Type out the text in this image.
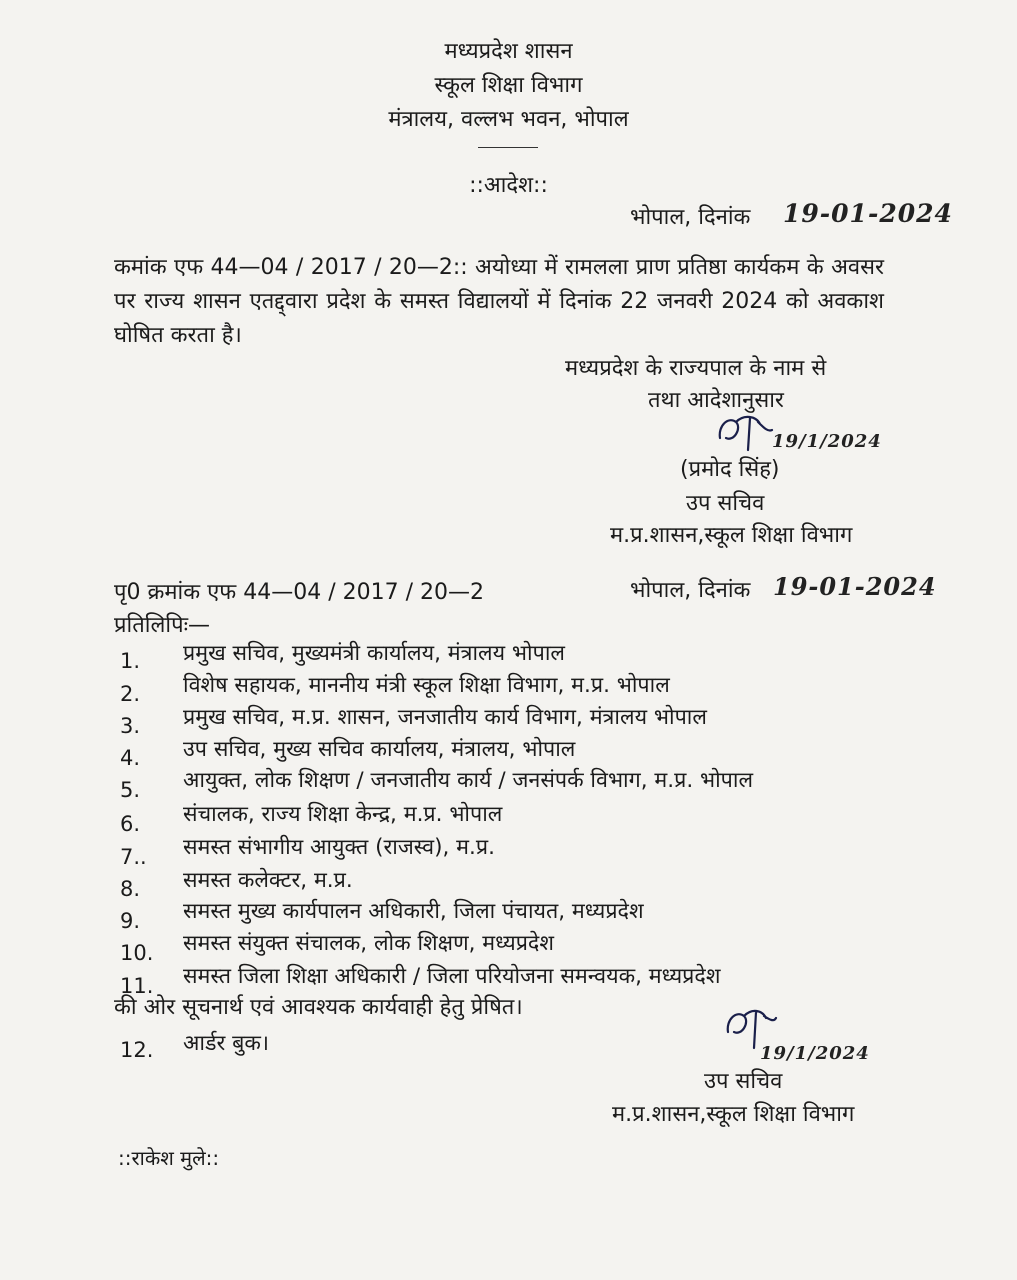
मध्यप्रदेश शासन
स्कूल शिक्षा विभाग
मंत्रालय, वल्लभ भवन, भोपाल
::आदेश::
भोपाल, दिनांक 19-01-2024
कमांक एफ 44—04 / 2017 / 20—2:: अयोध्या में रामलला प्राण प्रतिष्ठा कार्यकम के अवसर पर राज्य शासन एतद्द्वारा प्रदेश के समस्त विद्यालयों में दिनांक 22 जनवरी 2024 को अवकाश घोषित करता है।
मध्यप्रदेश के राज्यपाल के नाम से
तथा आदेशानुसार
19/1/2024
(प्रमोद सिंह)
उप सचिव
म.प्र.शासन,स्कूल शिक्षा विभाग
पृ0 क्रमांक एफ 44—04 / 2017 / 20—2	भोपाल, दिनांक 19-01-2024
प्रतिलिपिः—
1. प्रमुख सचिव, मुख्यमंत्री कार्यालय, मंत्रालय भोपाल
2. विशेष सहायक, माननीय मंत्री स्कूल शिक्षा विभाग, म.प्र. भोपाल
3. प्रमुख सचिव, म.प्र. शासन, जनजातीय कार्य विभाग, मंत्रालय भोपाल
4. उप सचिव, मुख्य सचिव कार्यालय, मंत्रालय, भोपाल
5. आयुक्त, लोक शिक्षण / जनजातीय कार्य / जनसंपर्क विभाग, म.प्र. भोपाल
6. संचालक, राज्य शिक्षा केन्द्र, म.प्र. भोपाल
7.. समस्त संभागीय आयुक्त (राजस्व), म.प्र.
8. समस्त कलेक्टर, म.प्र.
9. समस्त मुख्य कार्यपालन अधिकारी, जिला पंचायत, मध्यप्रदेश
10. समस्त संयुक्त संचालक, लोक शिक्षण, मध्यप्रदेश
11. समस्त जिला शिक्षा अधिकारी / जिला परियोजना समन्वयक, मध्यप्रदेश
की ओर सूचनार्थ एवं आवश्यक कार्यवाही हेतु प्रेषित।
12. आर्डर बुक।	19/1/2024
उप सचिव
म.प्र.शासन,स्कूल शिक्षा विभाग
::राकेश मुले::
